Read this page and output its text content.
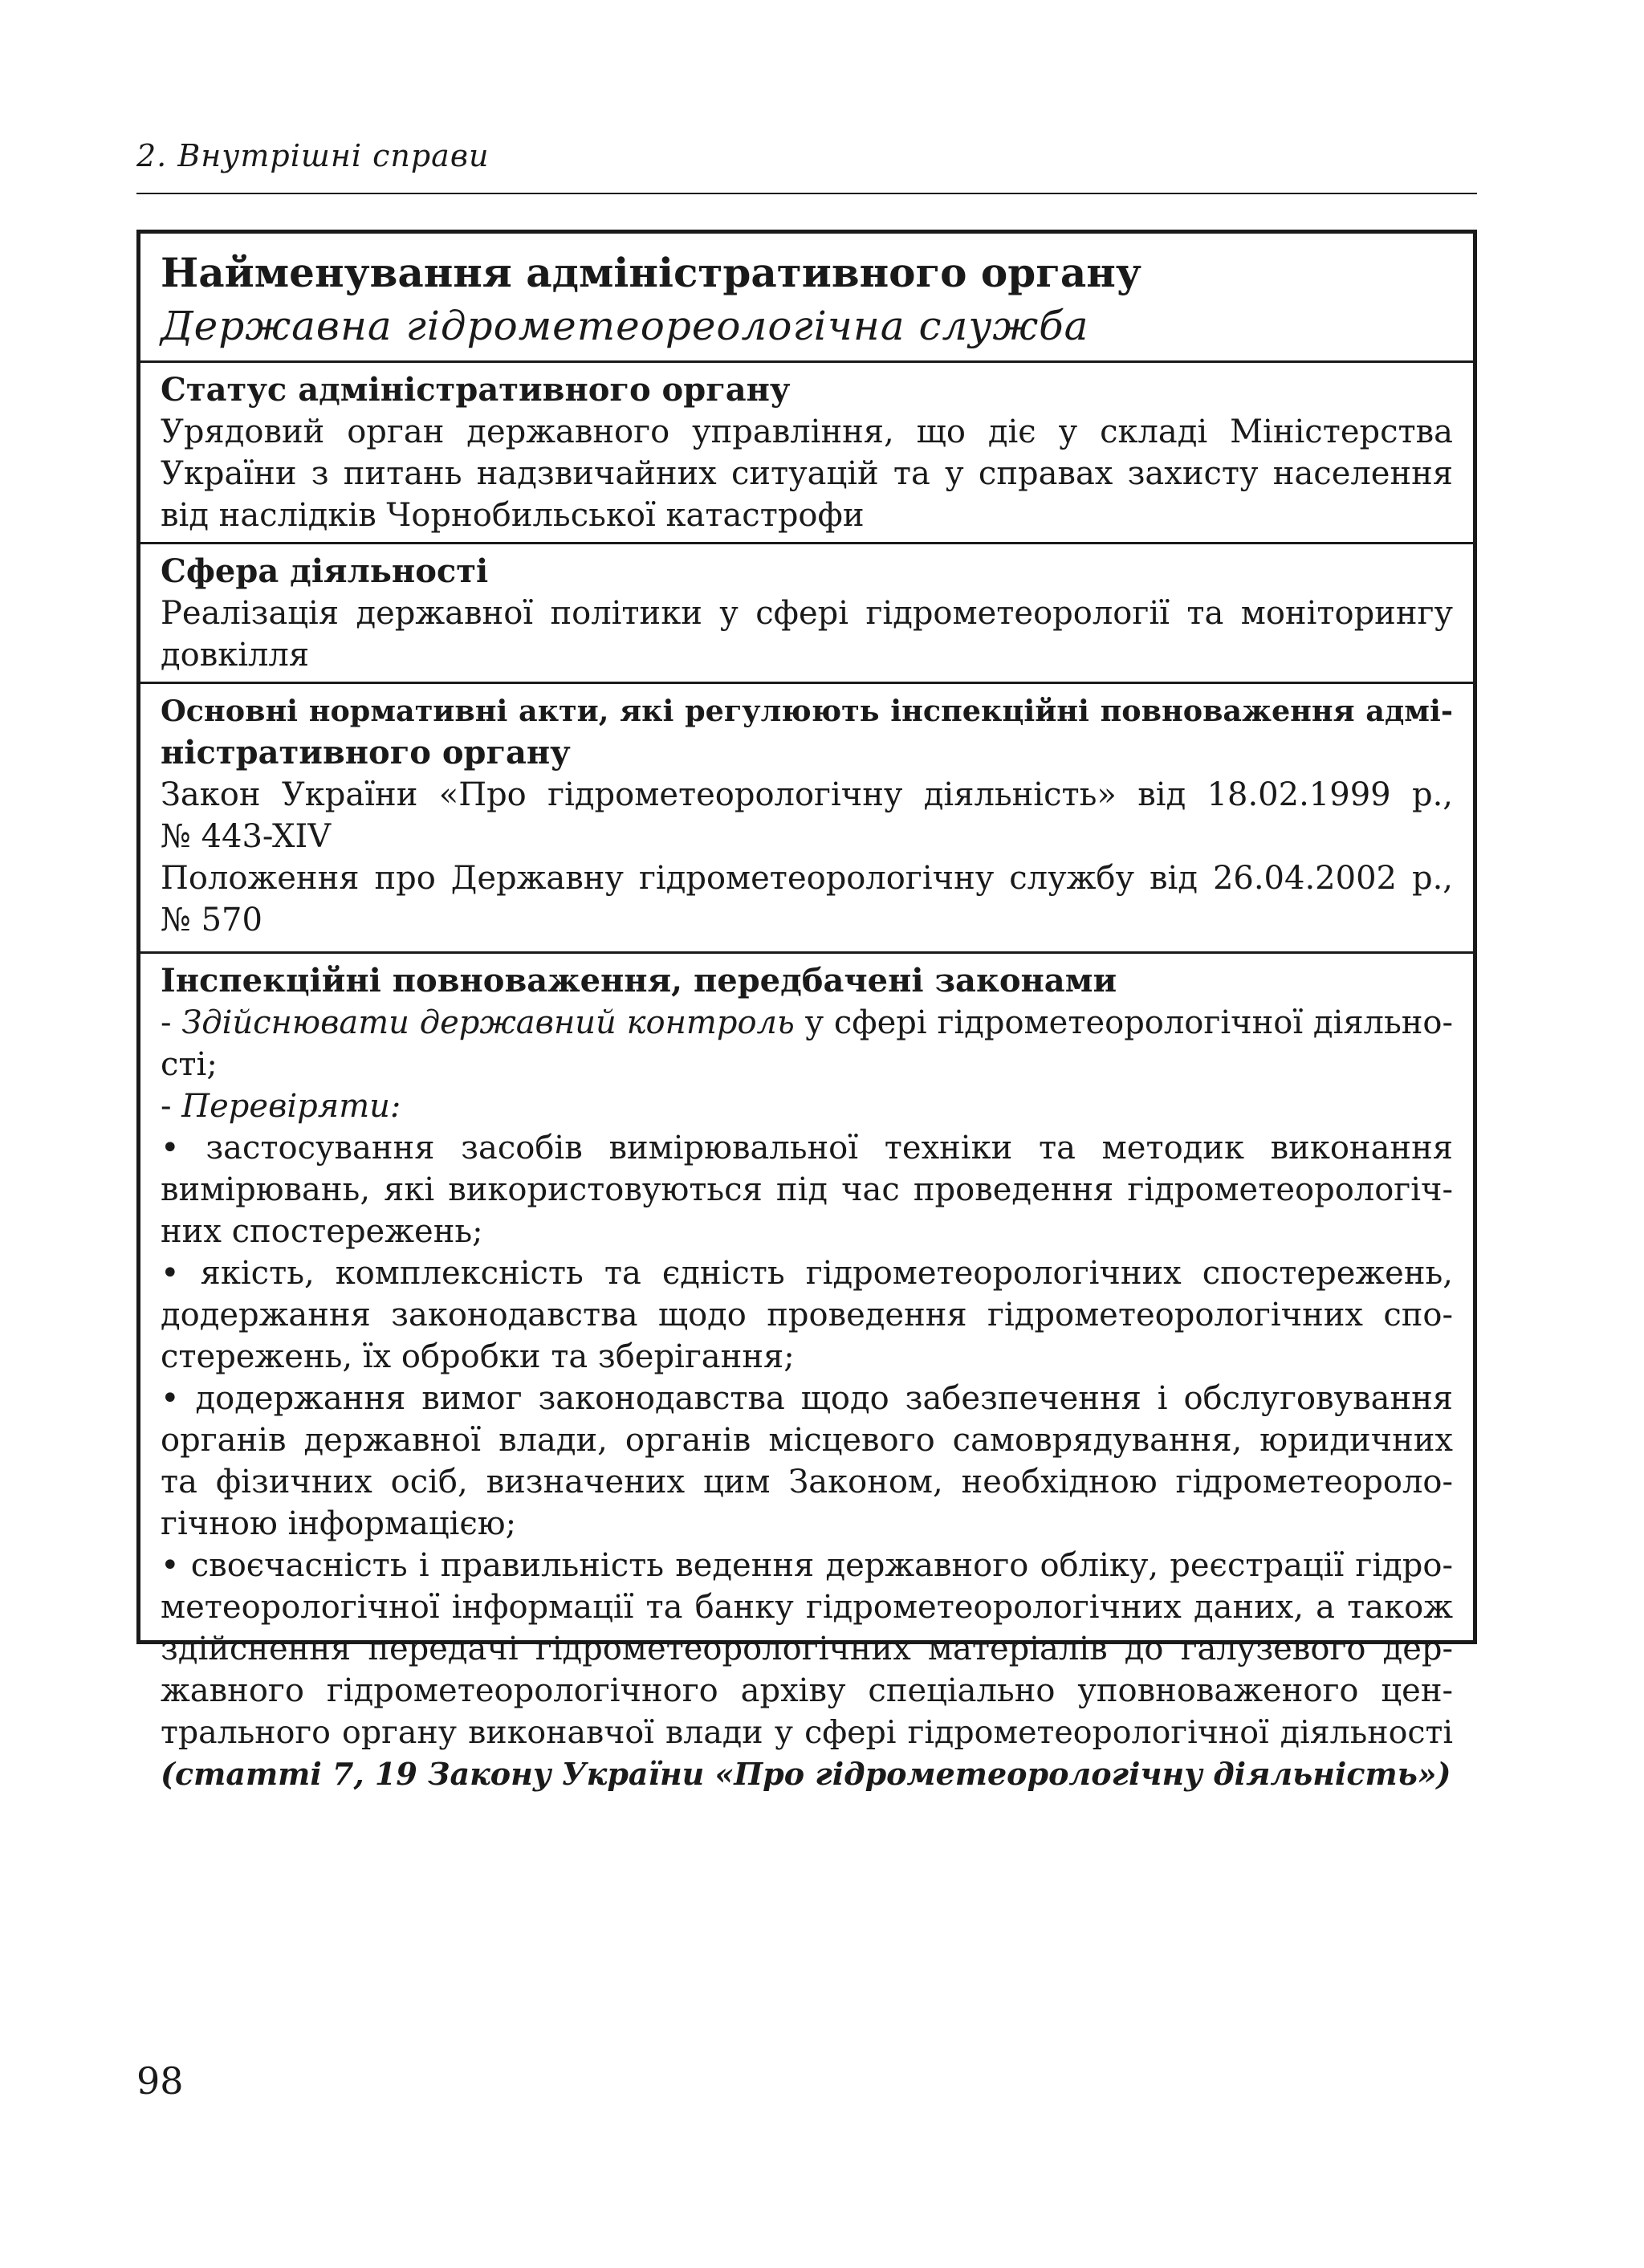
2. Внутрішні справи
Найменування адміністративного органу
Державна гідрометеореологічна служба
Статус адміністративного органу
Урядовий орган державного управління, що діє у складі Міністерства
України з питань надзвичайних ситуацій та у справах захисту населення
від наслідків Чорнобильської катастрофи
Сфера діяльності
Реалізація державної політики у сфері гідрометеорології та моніторингу
довкілля
Основні нормативні акти, які регулюють інспекційні повноваження адмі-
ністративного органу
Закон України «Про гідрометеорологічну діяльність» від 18.02.1999 р.,
№ 443-XIV
Положення про Державну гідрометеорологічну службу від 26.04.2002 р.,
№ 570
Інспекційні повноваження, передбачені законами
- Здійснювати державний контроль у сфері гідрометеорологічної діяльно-
сті;
- Перевіряти:
• застосування засобів вимірювальної техніки та методик виконання
вимірювань, які використовуються під час проведення гідрометеорологіч-
них спостережень;
• якість, комплексність та єдність гідрометеорологічних спостережень,
додержання законодавства щодо проведення гідрометеорологічних спо-
стережень, їх обробки та зберігання;
• додержання вимог законодавства щодо забезпечення і обслуговування
органів державної влади, органів місцевого самоврядування, юридичних
та фізичних осіб, визначених цим Законом, необхідною гідрометеороло-
гічною інформацією;
• своєчасність і правильність ведення державного обліку, реєстрації гідро-
метеорологічної інформації та банку гідрометеорологічних даних, а також
здійснення передачі гідрометеорологічних матеріалів до галузевого дер-
жавного гідрометеорологічного архіву спеціально уповноваженого цен-
трального органу виконавчої влади у сфері гідрометеорологічної діяльності
(статті 7, 19 Закону України «Про гідрометеорологічну діяльність»)
98
